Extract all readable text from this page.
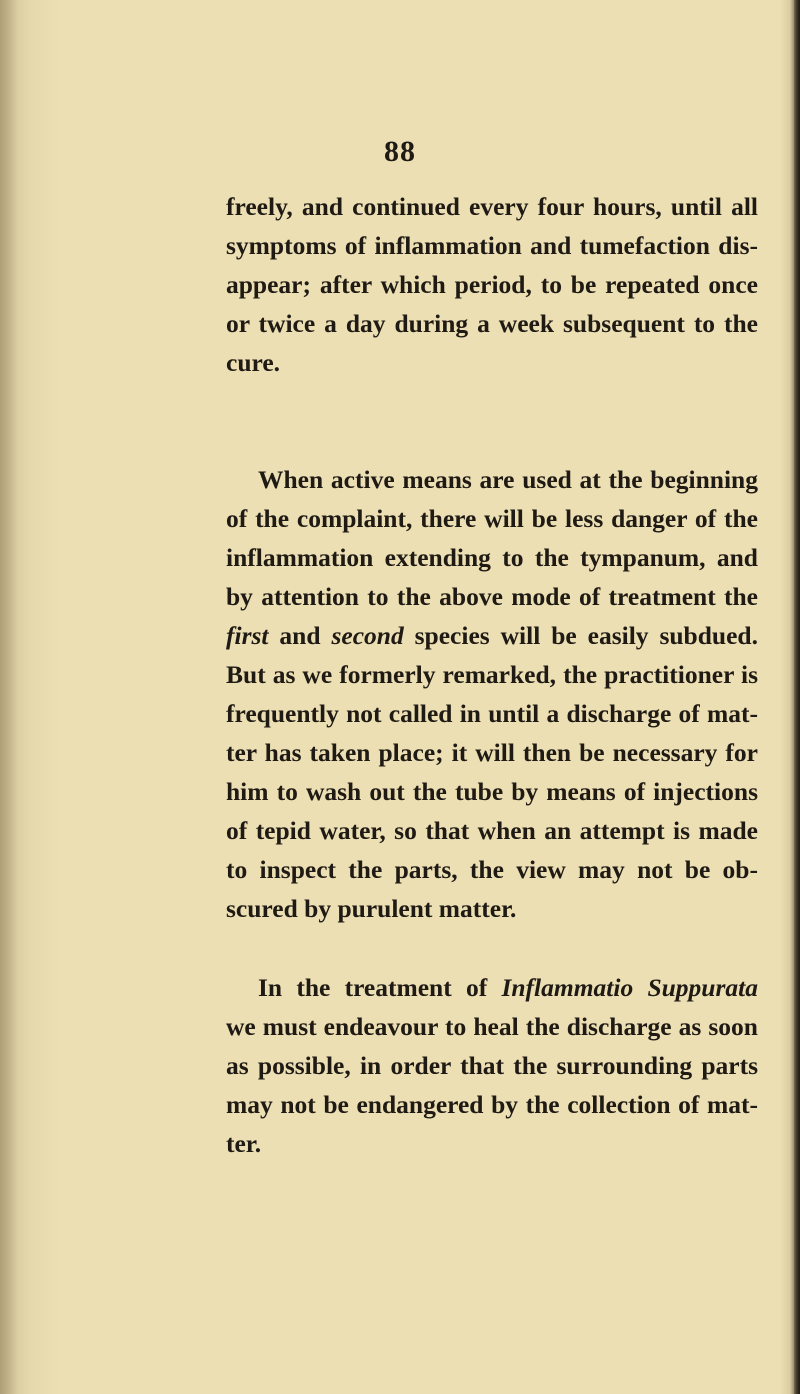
88
freely, and continued every four hours, until all
symptoms of inflammation and tumefaction dis-
appear; after which period, to be repeated once
or twice a day during a week subsequent to the
cure.
When active means are used at the beginning
of the complaint, there will be less danger of the
inflammation extending to the tympanum, and
by attention to the above mode of treatment the
first and second species will be easily subdued.
But as we formerly remarked, the practitioner is
frequently not called in until a discharge of mat-
ter has taken place; it will then be necessary for
him to wash out the tube by means of injections
of tepid water, so that when an attempt is made
to inspect the parts, the view may not be ob-
scured by purulent matter.
In the treatment of Inflammatio Suppurata
we must endeavour to heal the discharge as soon
as possible, in order that the surrounding parts
may not be endangered by the collection of mat-
ter.
